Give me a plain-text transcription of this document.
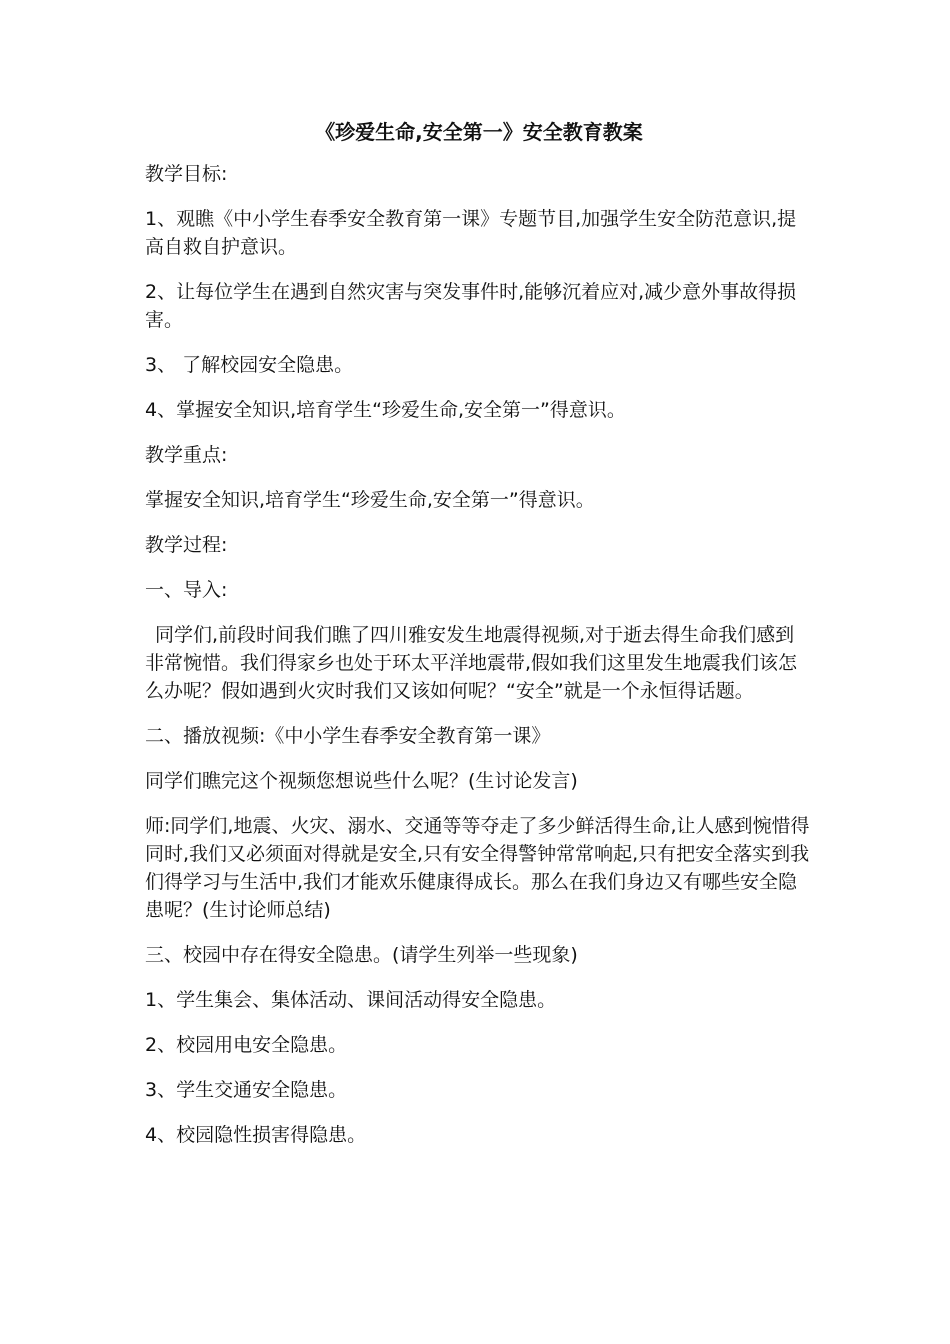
《珍爱生命,安全第一》安全教育教案

教学目标:

1、观瞧《中小学生春季安全教育第一课》专题节目,加强学生安全防范意识,提高自救自护意识。

2、让每位学生在遇到自然灾害与突发事件时,能够沉着应对,减少意外事故得损害。

3、 了解校园安全隐患。

4、掌握安全知识,培育学生“珍爱生命,安全第一”得意识。

教学重点:

掌握安全知识,培育学生“珍爱生命,安全第一”得意识。

教学过程:

一、导入:

同学们,前段时间我们瞧了四川雅安发生地震得视频,对于逝去得生命我们感到非常惋惜。我们得家乡也处于环太平洋地震带,假如我们这里发生地震我们该怎么办呢？假如遇到火灾时我们又该如何呢？“安全”就是一个永恒得话题。

二、播放视频:《中小学生春季安全教育第一课》

同学们瞧完这个视频您想说些什么呢？(生讨论发言)

师:同学们,地震、火灾、溺水、交通等等夺走了多少鲜活得生命,让人感到惋惜得同时,我们又必须面对得就是安全,只有安全得警钟常常响起,只有把安全落实到我们得学习与生活中,我们才能欢乐健康得成长。那么在我们身边又有哪些安全隐患呢？(生讨论师总结)

三、校园中存在得安全隐患。(请学生列举一些现象)

1、学生集会、集体活动、课间活动得安全隐患。

2、校园用电安全隐患。

3、学生交通安全隐患。

4、校园隐性损害得隐患。
